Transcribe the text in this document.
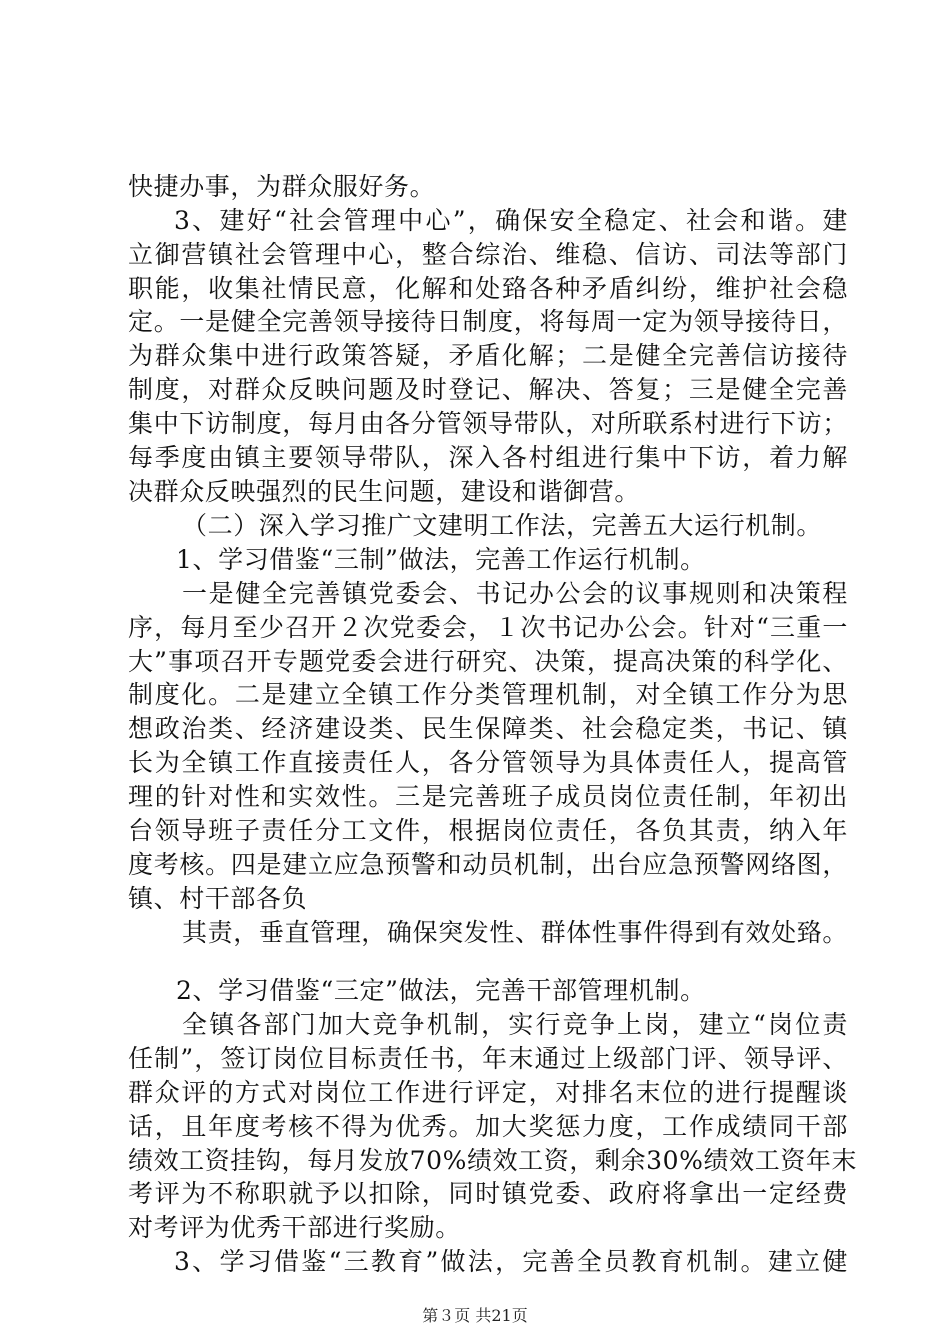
快捷办事，为群众服好务。
3、建好“社会管理中心”，确保安全稳定、社会和谐。建
立御营镇社会管理中心，整合综治、维稳、信访、司法等部门
职能，收集社情民意，化解和处臵各种矛盾纠纷，维护社会稳
定。一是健全完善领导接待日制度，将每周一定为领导接待日，
为群众集中进行政策答疑，矛盾化解；二是健全完善信访接待
制度，对群众反映问题及时登记、解决、答复；三是健全完善
集中下访制度，每月由各分管领导带队，对所联系村进行下访；
每季度由镇主要领导带队，深入各村组进行集中下访，着力解
决群众反映强烈的民生问题，建设和谐御营。
（二）深入学习推广文建明工作法，完善五大运行机制。
1、学习借鉴“三制”做法，完善工作运行机制。
一是健全完善镇党委会、书记办公会的议事规则和决策程
序，每月至少召开２次党委会，１次书记办公会。针对“三重一
大”事项召开专题党委会进行研究、决策，提高决策的科学化、
制度化。二是建立全镇工作分类管理机制，对全镇工作分为思
想政治类、经济建设类、民生保障类、社会稳定类，书记、镇
长为全镇工作直接责任人，各分管领导为具体责任人，提高管
理的针对性和实效性。三是完善班子成员岗位责任制，年初出
台领导班子责任分工文件，根据岗位责任，各负其责，纳入年
度考核。四是建立应急预警和动员机制，出台应急预警网络图，
镇、村干部各负
其责，垂直管理，确保突发性、群体性事件得到有效处臵。
2、学习借鉴“三定”做法，完善干部管理机制。
全镇各部门加大竞争机制，实行竞争上岗，建立“岗位责
任制”，签订岗位目标责任书，年末通过上级部门评、领导评、
群众评的方式对岗位工作进行评定，对排名末位的进行提醒谈
话，且年度考核不得为优秀。加大奖惩力度，工作成绩同干部
绩效工资挂钩，每月发放70%绩效工资，剩余30%绩效工资年末
考评为不称职就予以扣除，同时镇党委、政府将拿出一定经费
对考评为优秀干部进行奖励。
3、学习借鉴“三教育”做法，完善全员教育机制。建立健
第３页 共21页
